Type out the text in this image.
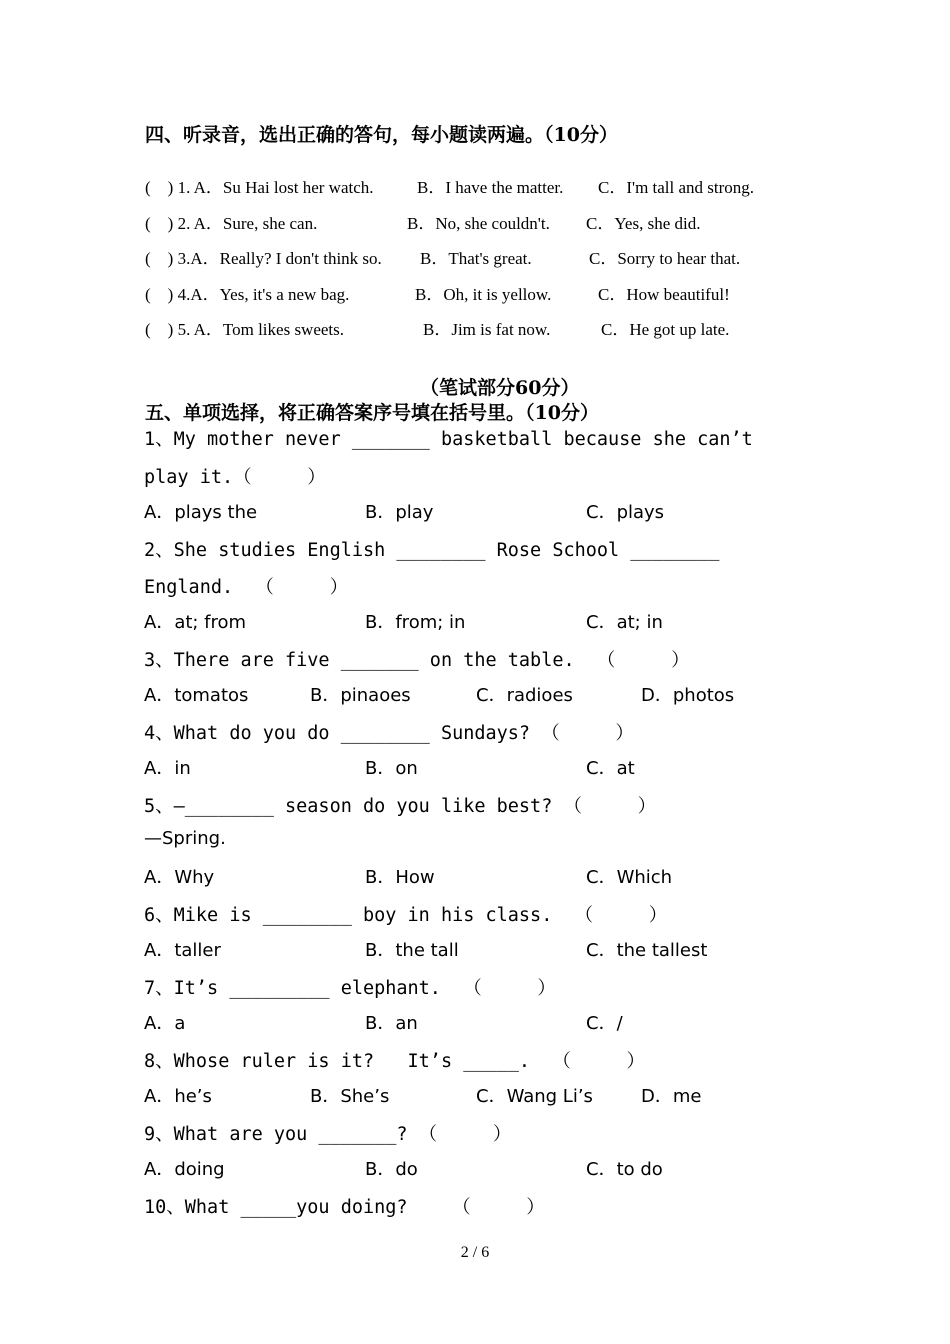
四、听录音，选出正确的答句，每小题读两遍。（10分）
(    ) 1. A．Su Hai lost her watch.	B．I have the matter. C．I'm tall and strong.
(    ) 2. A．Sure, she can.	B．No, she couldn't. C．Yes, she did.
(    ) 3.A．Really? I don't think so. B．That's great.	C．Sorry to hear that.
(    ) 4.A．Yes, it's a new bag.	B．Oh, it is yellow.	C．How beautiful!
(    ) 5. A．Tom likes sweets.	B．Jim is fat now.	C．He got up late.
（笔试部分60分）
五、单项选择，将正确答案序号填在括号里。（10分）
1、My mother never _______ basketball because she can’t
play it.（     ）
A．plays the	B．play	C．plays
2、She studies English ________ Rose School ________
England.  （     ）
A．at; from	B．from; in	C．at; in
3、There are five _______ on the table.  （     ）
A．tomatos	B．pinaoes	C．radioes	D．photos
4、What do you do ________ Sundays? （     ）
A．in	B．on	C．at
5、—________ season do you like best? （     ）
—Spring.
A．Why	B．How	C．Which
6、Mike is ________ boy in his class.  （     ）
A．taller	B．the tall	C．the tallest
7、It’s _________ elephant.  （     ）
A．a	B．an	C．/
8、Whose ruler is it?   It’s _____.  （     ）
A．he’s	B．She’s	C．Wang Li’s	D．me
9、What are you _______? （     ）
A．doing	B．do	C．to do
10、What _____you doing?    （     ）
2 / 6
